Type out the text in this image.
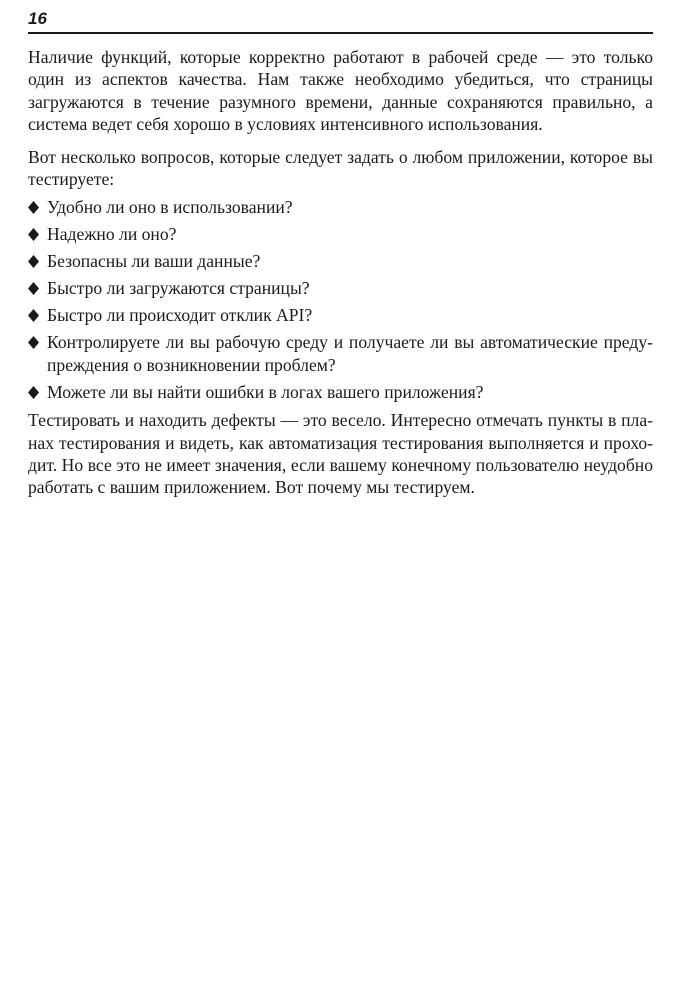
16

Наличие функций, которые корректно работают в рабочей среде — это только один из аспектов качества. Нам также необходимо убедиться, что страницы загружаются в течение разумного времени, данные сохраняются правильно, а система ведет себя хорошо в условиях интенсивного использования.

Вот несколько вопросов, которые следует задать о любом приложении, которое вы тестируете:

Удобно ли оно в использовании?
Надежно ли оно?
Безопасны ли ваши данные?
Быстро ли загружаются страницы?
Быстро ли происходит отклик API?
Контролируете ли вы рабочую среду и получаете ли вы автоматические предупреждения о возникновении проблем?
Можете ли вы найти ошибки в логах вашего приложения?

Тестировать и находить дефекты — это весело. Интересно отмечать пункты в планах тестирования и видеть, как автоматизация тестирования выполняется и проходит. Но все это не имеет значения, если вашему конечному пользователю неудобно работать с вашим приложением. Вот почему мы тестируем.
